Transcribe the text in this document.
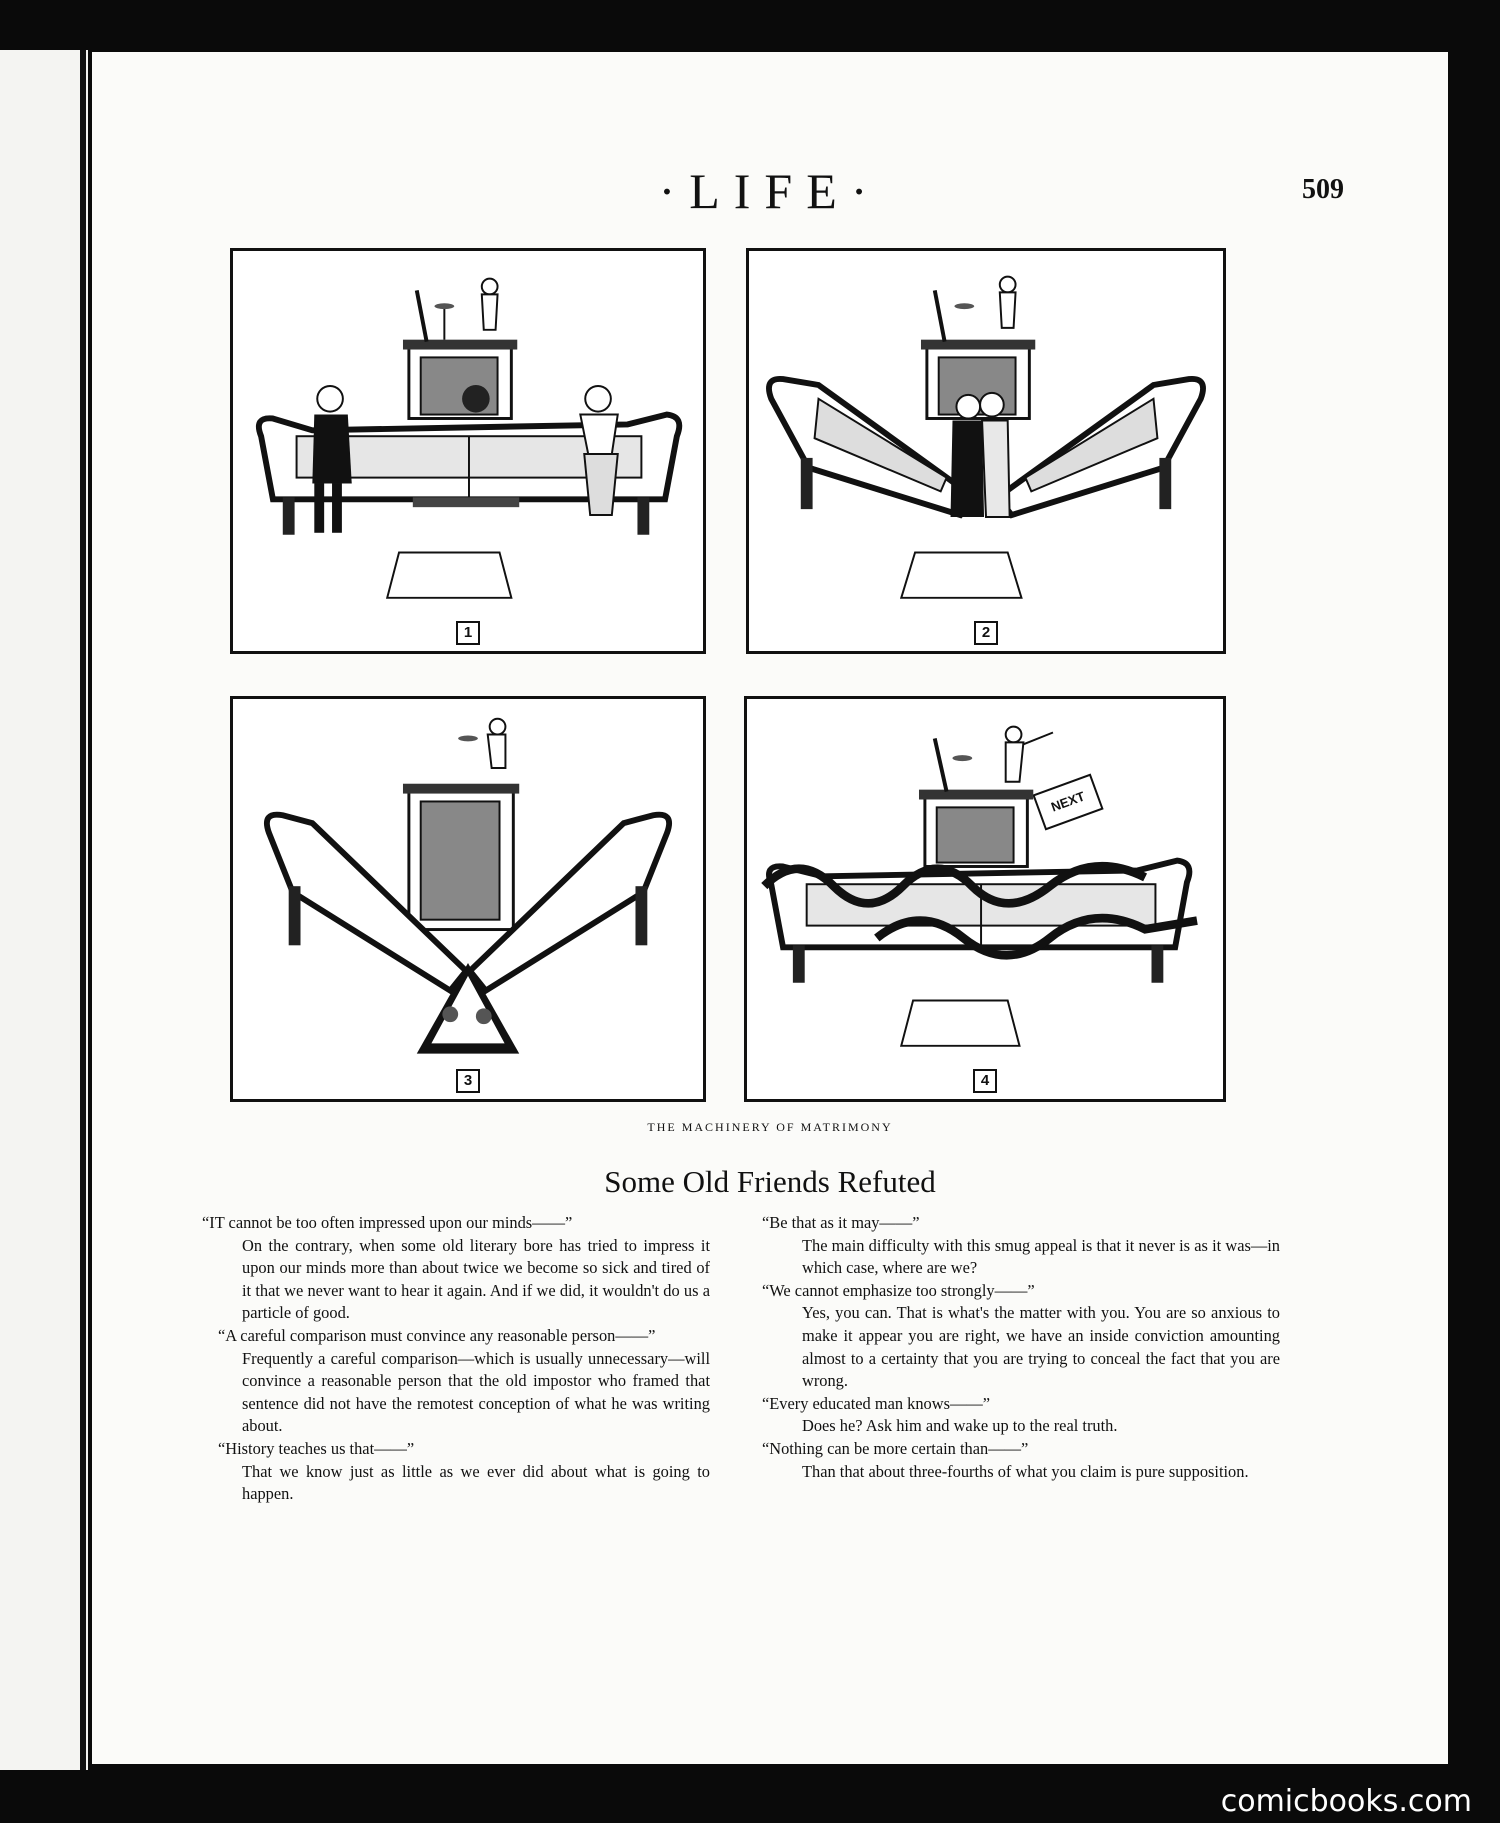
·LIFE·	509
1	2
3
NEXT
4
THE MACHINERY OF MATRIMONY
Some Old Friends Refuted

“IT cannot be too often impressed upon our minds——”

On the contrary, when some old literary bore has tried to impress it upon our minds more than about twice we become so sick and tired of it that we never want to hear it again. And if we did, it wouldn't do us a particle of good.

“A careful comparison must convince any reasonable person——”

Frequently a careful comparison—which is usually unnecessary—will convince a reasonable person that the old impostor who framed that sentence did not have the remotest conception of what he was writing about.

“History teaches us that——”

That we know just as little as we ever did about what is going to happen.

“Be that as it may——”

The main difficulty with this smug appeal is that it never is as it was—in which case, where are we?

“We cannot emphasize too strongly——”

Yes, you can. That is what's the matter with you. You are so anxious to make it appear you are right, we have an inside conviction amounting almost to a certainty that you are trying to conceal the fact that you are wrong.

“Every educated man knows——”

Does he? Ask him and wake up to the real truth.

“Nothing can be more certain than——”

Than that about three-fourths of what you claim is pure supposition.

comicbooks.com
